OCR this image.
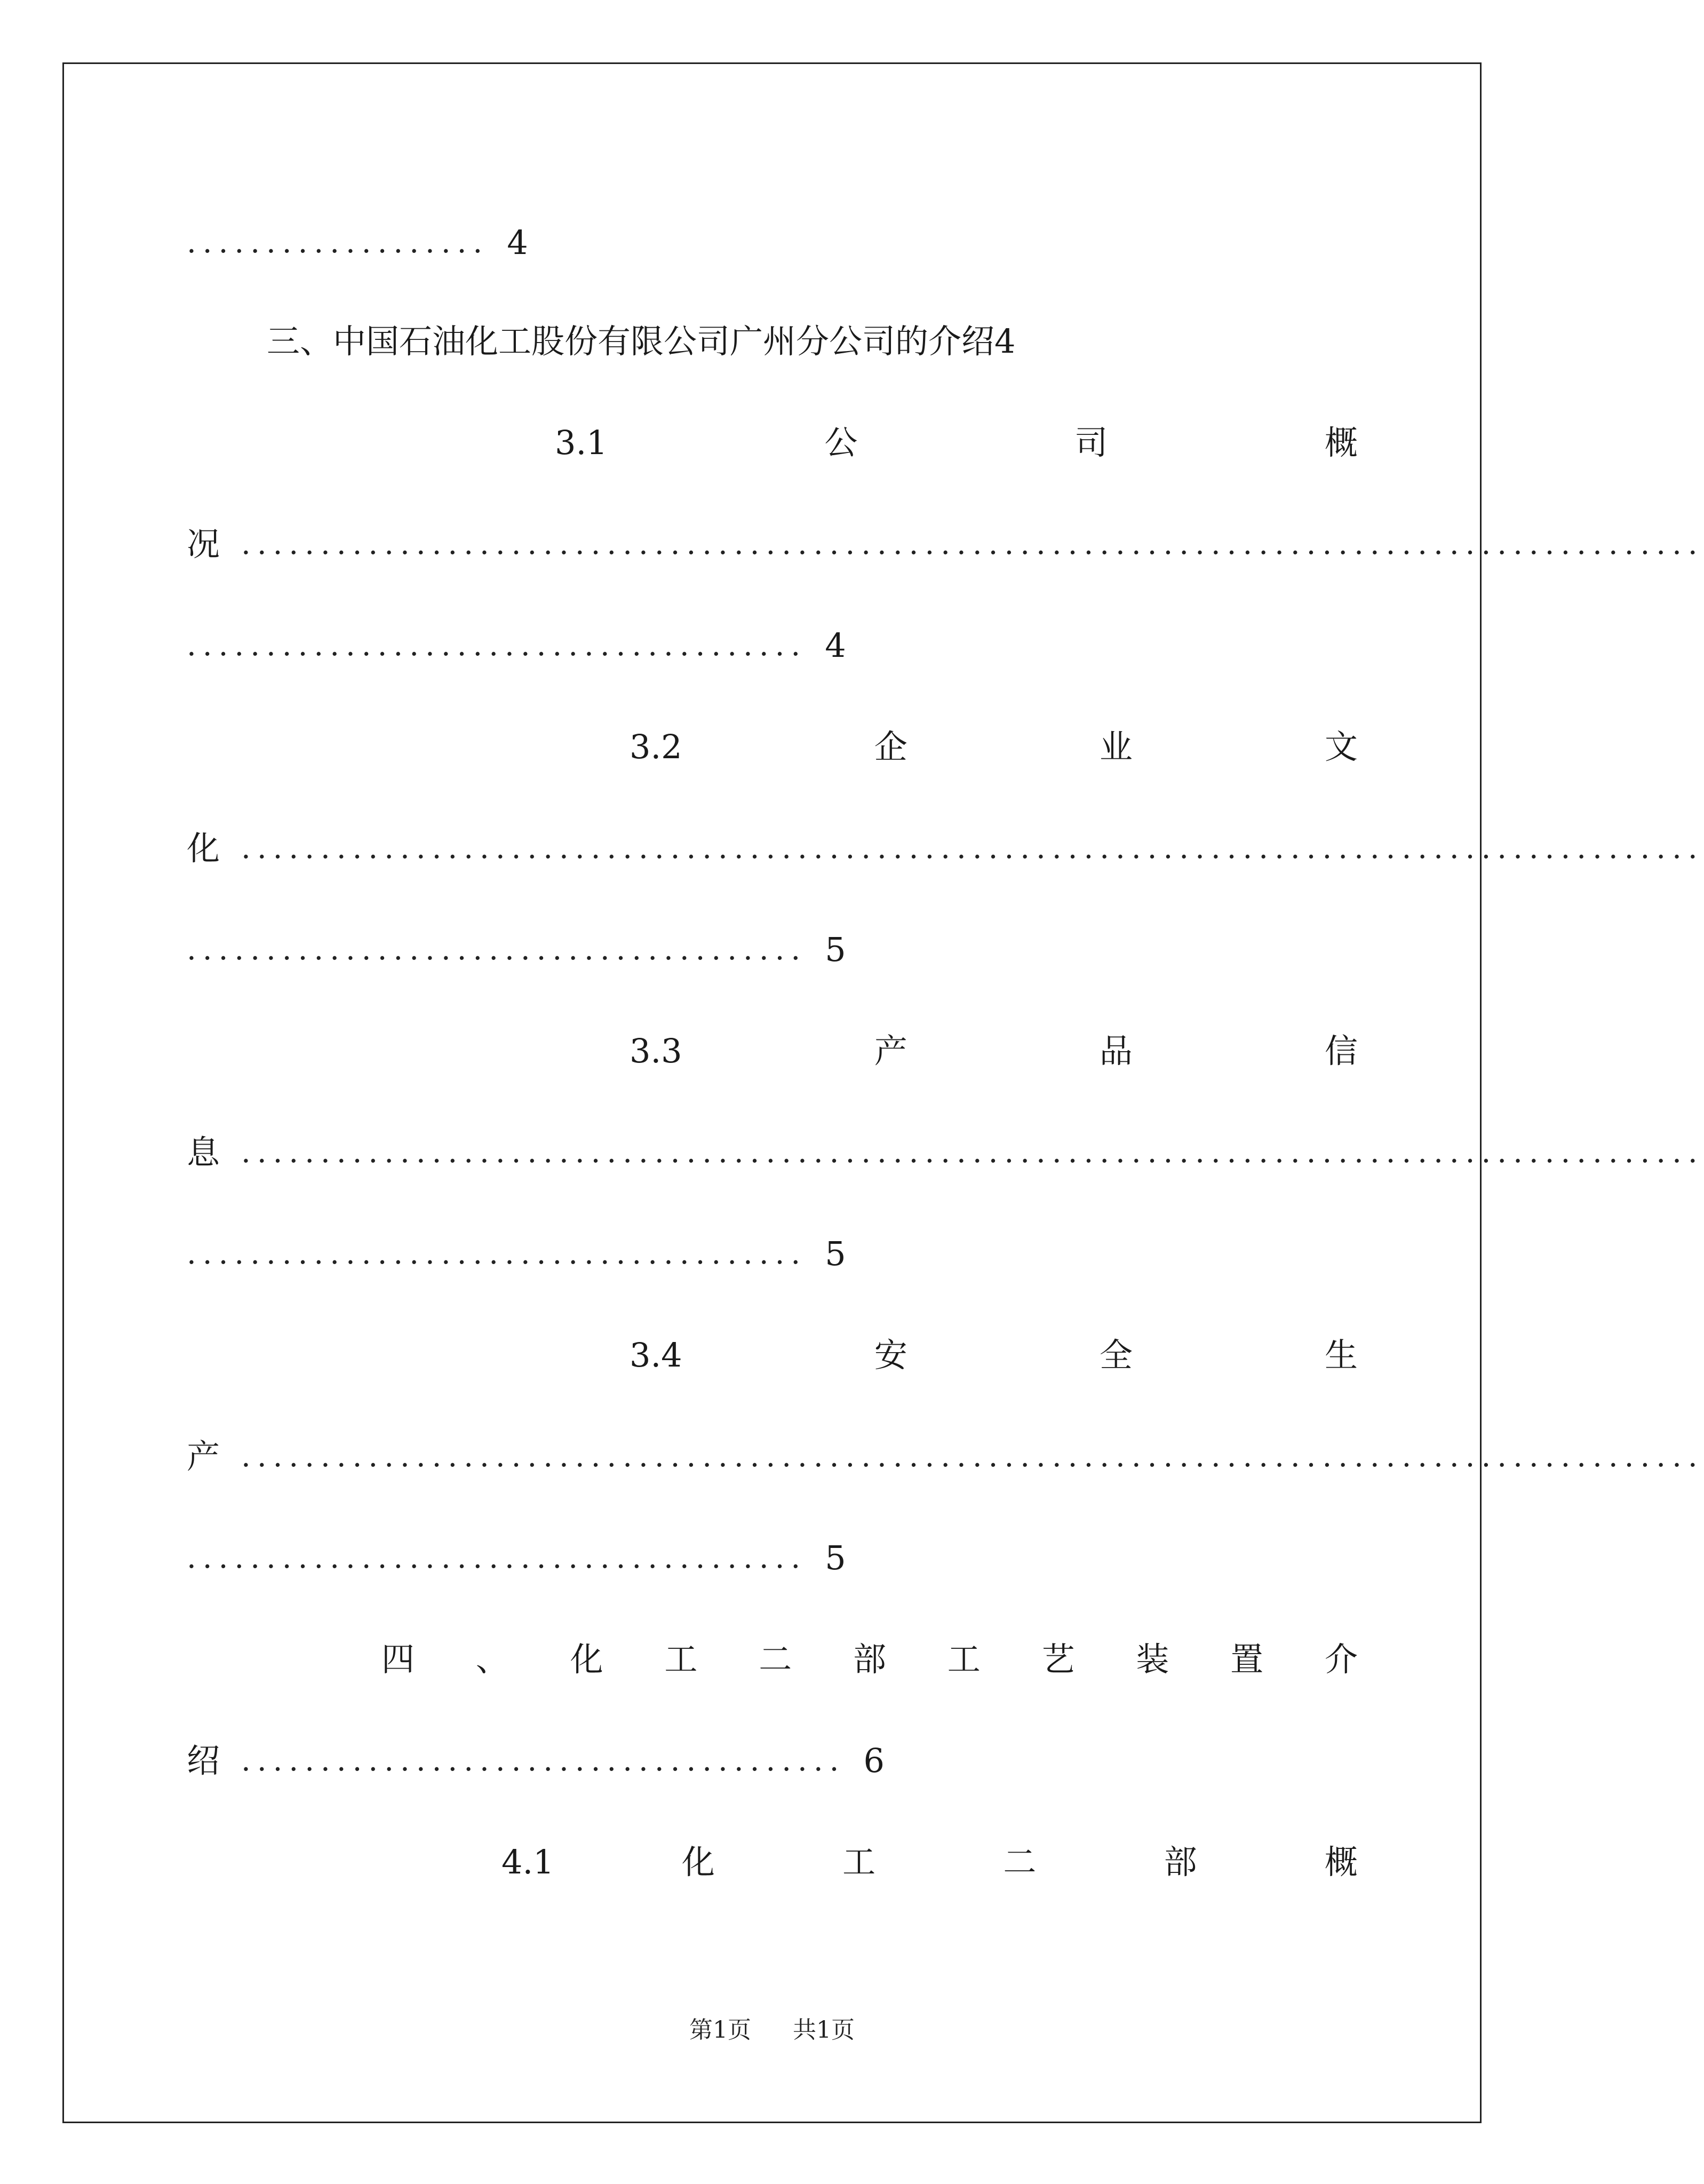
................... 4
三、中国石油化工股份有限公司广州分公司的介绍4
3.1	公	司	概
况 ............................................................................................
....................................... 4
3.2	企	业	文
化 ............................................................................................
....................................... 5
3.3	产	品	信
息 ............................................................................................
....................................... 5
3.4	安	全	生
产 ............................................................................................
....................................... 5
四 、 化 工 二 部 工 艺 装 置 介
绍 ...................................... 6
4.1	化	工	二	部	概
第1页 共1页
